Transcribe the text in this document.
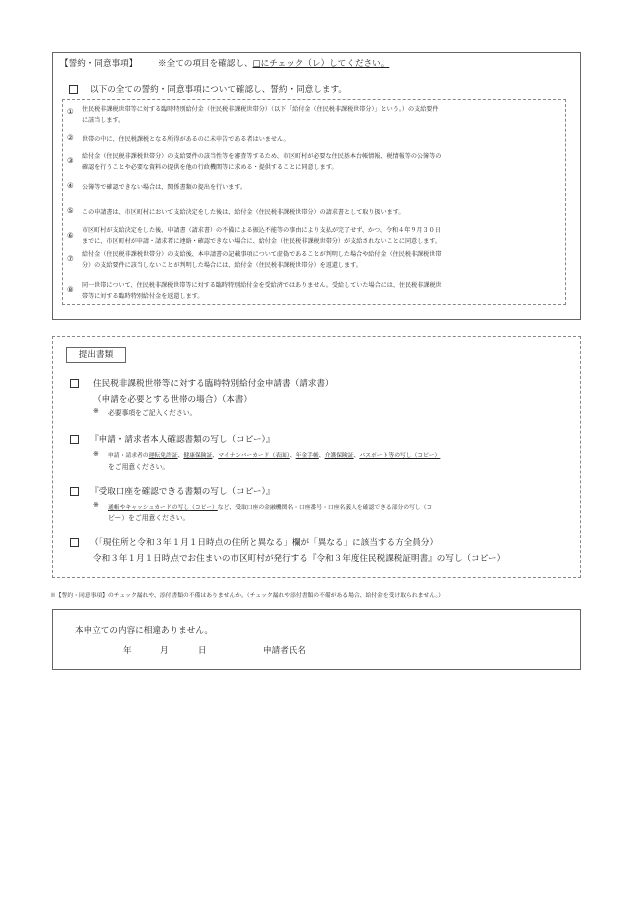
【誓約・同意事項】 ※全ての項目を確認し、□にチェック（レ）してください。
以下の全ての誓約・同意事項について確認し、誓約・同意します。
① 住民税非課税世帯等に対する臨時特別給付金（住民税非課税世帯分）（以下「給付金（住民税非課税世帯分）」という。）の支給要件
に該当します。
② 世帯の中に、住民税課税となる所得があるのに未申告である者はいません。
③ 給付金（住民税非課税世帯分）の支給要件の該当性等を審査等するため、市区町村が必要な住民基本台帳情報、税情報等の公簿等の
確認を行うことや必要な資料の提供を他の行政機関等に求める・提供することに同意します。
④ 公簿等で確認できない場合は、関係書類の提出を行います。
⑤ この申請書は、市区町村において支給決定をした後は、給付金（住民税非課税世帯分）の請求書として取り扱います。
⑥
市区町村が支給決定をした後、申請書（請求書）の不備による振込不能等の事由により支払が完了せず、かつ、令和４年９月３０日
までに、市区町村が申請・請求者に連絡・確認できない場合に、給付金（住民税非課税世帯分）が支給されないことに同意します。
⑦ 給付金（住民税非課税世帯分）の支給後、本申請書の記載事項について虚偽であることが判明した場合や給付金（住民税非課税世帯
分）の支給要件に該当しないことが判明した場合には、給付金（住民税非課税世帯分）を返還します。
⑧ 同一世帯について、住民税非課税世帯等に対する臨時特別給付金を受給済ではありません。受給していた場合には、住民税非課税世
帯等に対する臨時特別給付金を返還します。
提出書類
住民税非課税世帯等に対する臨時特別給付金申請書（請求書）
（申請を必要とする世帯の場合）（本書）
※ 必要事項をご記入ください。
『申請・請求者本人確認書類の写し（コピー）』
※ 申請・請求者の運転免許証、健康保険証、マイナンバーカード（表面）、年金手帳、介護保険証、パスポート等の写し（コピー）
をご用意ください。
『受取口座を確認できる書類の写し（コピー）』
※ 通帳やキャッシュカードの写し（コピー）など、受取口座の金融機関名・口座番号・口座名義人を確認できる部分の写し（コ
ピー）をご用意ください。
（「現住所と令和３年１月１日時点の住所と異なる」欄が「異なる」に該当する方全員分）
令和３年１月１日時点でお住まいの市区町村が発行する『令和３年度住民税課税証明書』の写し（コピー）
※【誓約・同意事項】のチェック漏れや、添付書類の不備はありませんか。（チェック漏れや添付書類の不備がある場合、給付金を受け取られません。）
本申立ての内容に相違ありません。
年	月	日	申請者氏名
